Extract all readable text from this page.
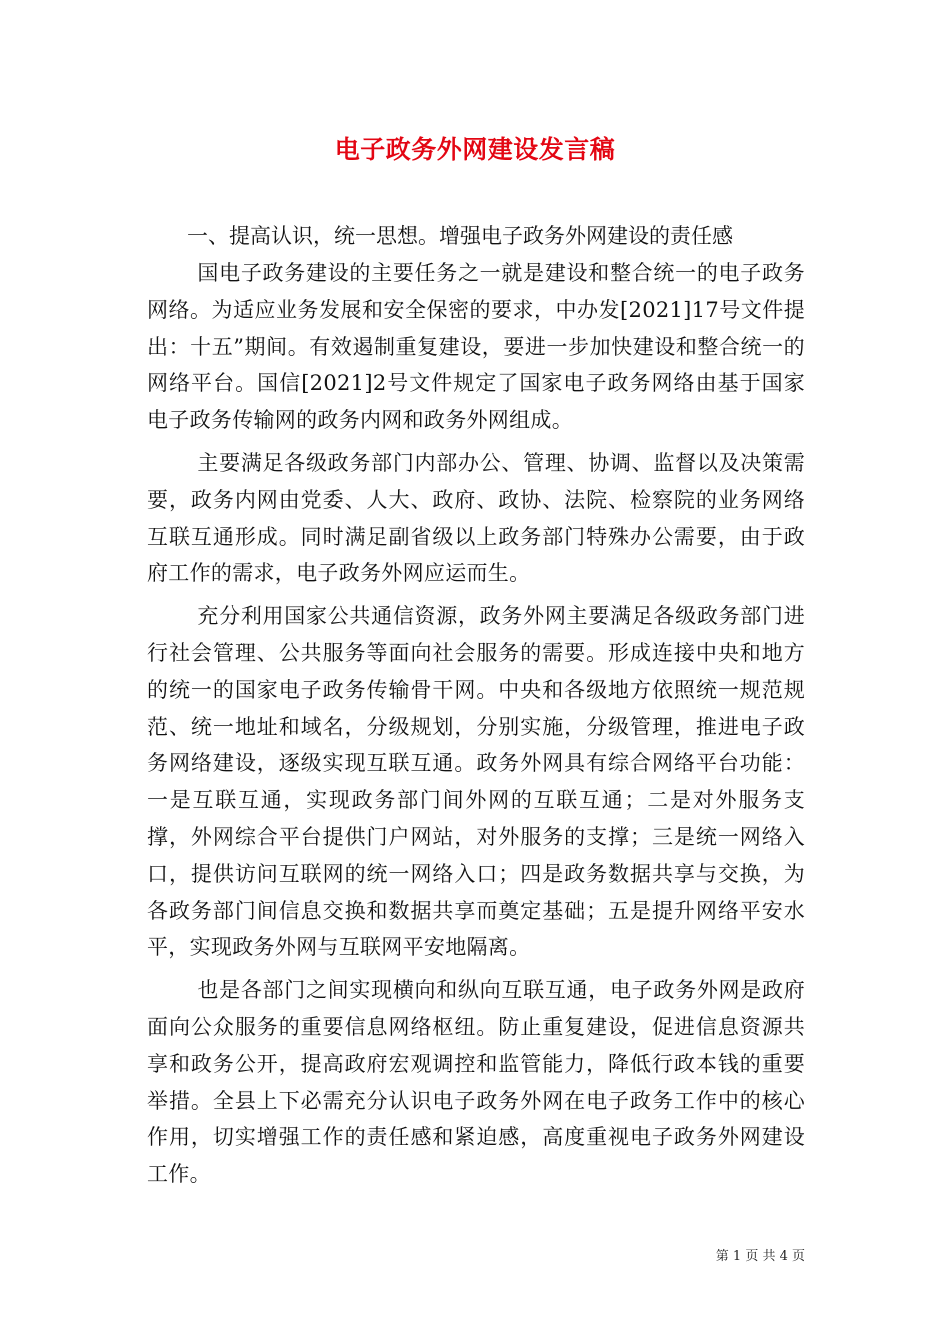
电子政务外网建设发言稿

一、提高认识，统一思想。增强电子政务外网建设的责任感

国电子政务建设的主要任务之一就是建设和整合统一的电子政务网络。为适应业务发展和安全保密的要求，中办发[2021]17号文件提出：十五”期间。有效遏制重复建设，要进一步加快建设和整合统一的网络平台。国信[2021]2号文件规定了国家电子政务网络由基于国家电子政务传输网的政务内网和政务外网组成。

主要满足各级政务部门内部办公、管理、协调、监督以及决策需要，政务内网由党委、人大、政府、政协、法院、检察院的业务网络互联互通形成。同时满足副省级以上政务部门特殊办公需要，由于政府工作的需求，电子政务外网应运而生。

充分利用国家公共通信资源，政务外网主要满足各级政务部门进行社会管理、公共服务等面向社会服务的需要。形成连接中央和地方的统一的国家电子政务传输骨干网。中央和各级地方依照统一规范规范、统一地址和域名，分级规划，分别实施，分级管理，推进电子政务网络建设，逐级实现互联互通。政务外网具有综合网络平台功能：一是互联互通，实现政务部门间外网的互联互通；二是对外服务支撑，外网综合平台提供门户网站，对外服务的支撑；三是统一网络入口，提供访问互联网的统一网络入口；四是政务数据共享与交换，为各政务部门间信息交换和数据共享而奠定基础；五是提升网络平安水平，实现政务外网与互联网平安地隔离。

也是各部门之间实现横向和纵向互联互通，电子政务外网是政府面向公众服务的重要信息网络枢纽。防止重复建设，促进信息资源共享和政务公开，提高政府宏观调控和监管能力，降低行政本钱的重要举措。全县上下必需充分认识电子政务外网在电子政务工作中的核心作用，切实增强工作的责任感和紧迫感，高度重视电子政务外网建设工作。

第 1 页 共 4 页
